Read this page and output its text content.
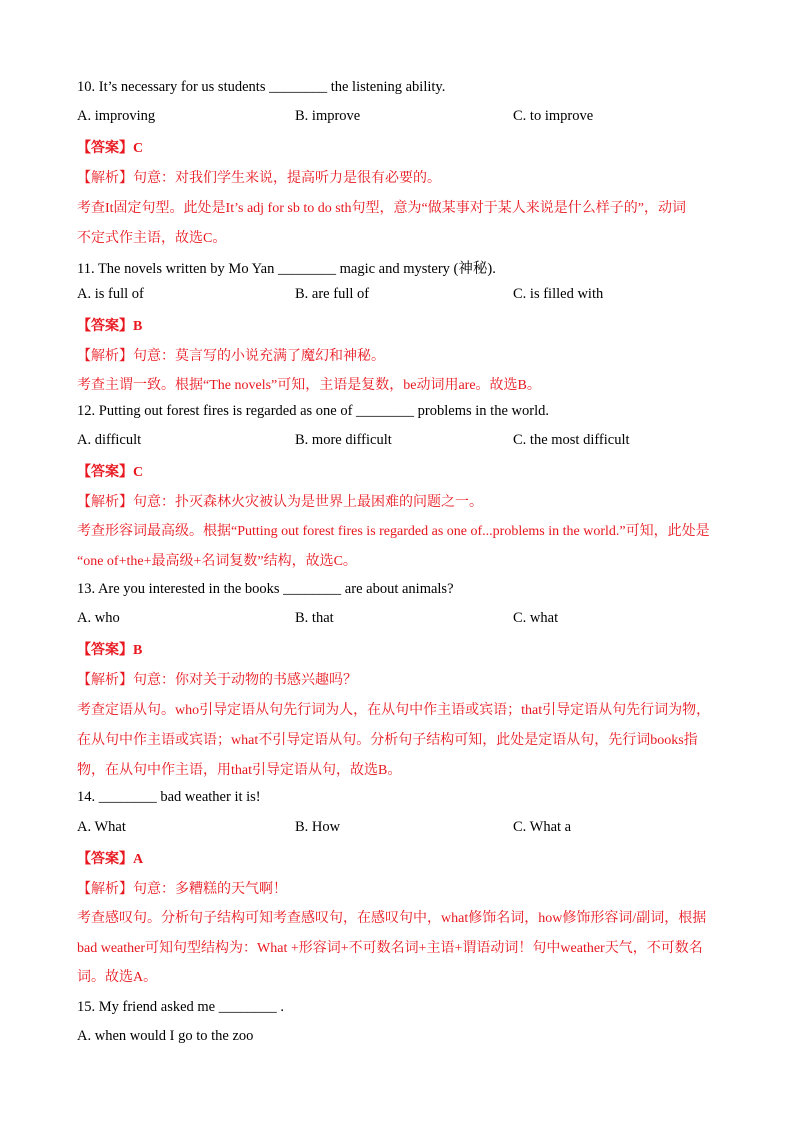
10. It’s necessary for us students ________ the listening ability.
A. improving	B. improve	C. to improve
【答案】C
【解析】句意：对我们学生来说，提高听力是很有必要的。
考查It固定句型。此处是It’s adj for sb to do sth句型，意为“做某事对于某人来说是什么样子的”，动词
不定式作主语，故选C。
11. The novels written by Mo Yan ________ magic and mystery (神秘).
A. is full of	B. are full of	C. is filled with
【答案】B
【解析】句意：莫言写的小说充满了魔幻和神秘。
考查主谓一致。根据“The novels”可知，主语是复数，be动词用are。故选B。
12. Putting out forest fires is regarded as one of ________ problems in the world.
A. difficult	B. more difficult	C. the most difficult
【答案】C
【解析】句意：扑灭森林火灾被认为是世界上最困难的问题之一。
考查形容词最高级。根据“Putting out forest fires is regarded as one of...problems in the world.”可知，此处是
“one of+the+最高级+名词复数”结构，故选C。
13. Are you interested in the books ________ are about animals?
A. who	B. that	C. what
【答案】B
【解析】句意：你对关于动物的书感兴趣吗？
考查定语从句。who引导定语从句先行词为人，在从句中作主语或宾语；that引导定语从句先行词为物，
在从句中作主语或宾语；what不引导定语从句。分析句子结构可知，此处是定语从句，先行词books指
物，在从句中作主语，用that引导定语从句，故选B。
14. ________ bad weather it is!
A. What	B. How	C. What a
【答案】A
【解析】句意：多糟糕的天气啊！
考查感叹句。分析句子结构可知考查感叹句，在感叹句中，what修饰名词，how修饰形容词/副词，根据
bad weather可知句型结构为：What +形容词+不可数名词+主语+谓语动词！句中weather天气，不可数名
词。故选A。
15. My friend asked me ________ .
A. when would I go to the zoo
